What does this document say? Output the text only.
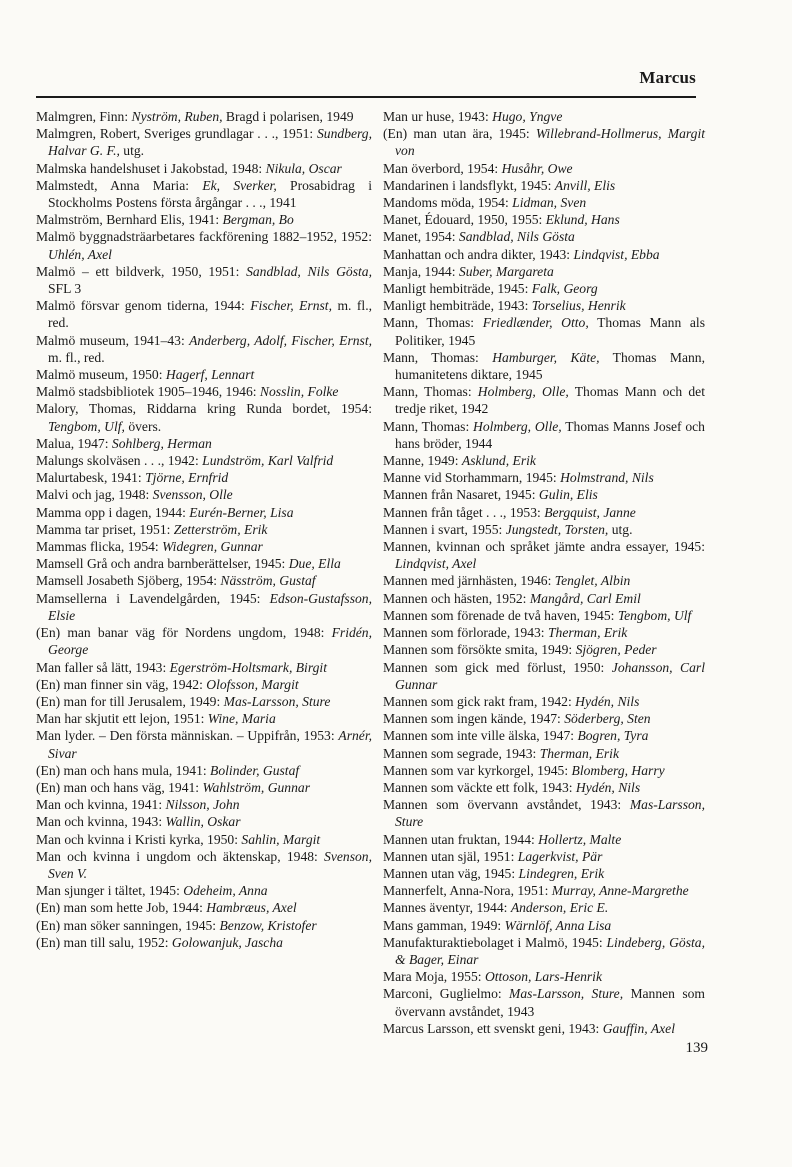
Marcus
Malmgren, Finn: Nyström, Ruben, Bragd i polarisen, 1949
Malmgren, Robert, Sveriges grundlagar . . ., 1951: Sundberg, Halvar G. F., utg.
Malmska handelshuset i Jakobstad, 1948: Nikula, Oscar
Malmstedt, Anna Maria: Ek, Sverker, Prosabidrag i Stockholms Postens första årgångar . . ., 1941
Malmström, Bernhard Elis, 1941: Bergman, Bo
Malmö byggnadsträarbetares fackförening 1882–1952, 1952: Uhlén, Axel
Malmö – ett bildverk, 1950, 1951: Sandblad, Nils Gösta, SFL 3
Malmö försvar genom tiderna, 1944: Fischer, Ernst, m. fl., red.
Malmö museum, 1941–43: Anderberg, Adolf, Fischer, Ernst, m. fl., red.
Malmö museum, 1950: Hagerf, Lennart
Malmö stadsbibliotek 1905–1946, 1946: Nosslin, Folke
Malory, Thomas, Riddarna kring Runda bordet, 1954: Tengbom, Ulf, övers.
Malua, 1947: Sohlberg, Herman
Malungs skolväsen . . ., 1942: Lundström, Karl Valfrid
Malurtabesk, 1941: Tjörne, Ernfrid
Malvi och jag, 1948: Svensson, Olle
Mamma opp i dagen, 1944: Eurén-Berner, Lisa
Mamma tar priset, 1951: Zetterström, Erik
Mammas flicka, 1954: Widegren, Gunnar
Mamsell Grå och andra barnberättelser, 1945: Due, Ella
Mamsell Josabeth Sjöberg, 1954: Näsström, Gustaf
Mamsellerna i Lavendelgården, 1945: Edson-Gustafsson, Elsie
(En) man banar väg för Nordens ungdom, 1948: Fridén, George
Man faller så lätt, 1943: Egerström-Holtsmark, Birgit
(En) man finner sin väg, 1942: Olofsson, Margit
(En) man for till Jerusalem, 1949: Mas-Larsson, Sture
Man har skjutit ett lejon, 1951: Wine, Maria
Man lyder. – Den första människan. – Uppifrån, 1953: Arnér, Sivar
(En) man och hans mula, 1941: Bolinder, Gustaf
(En) man och hans väg, 1941: Wahlström, Gunnar
Man och kvinna, 1941: Nilsson, John
Man och kvinna, 1943: Wallin, Oskar
Man och kvinna i Kristi kyrka, 1950: Sahlin, Margit
Man och kvinna i ungdom och äktenskap, 1948: Svenson, Sven V.
Man sjunger i tältet, 1945: Odeheim, Anna
(En) man som hette Job, 1944: Hambræus, Axel
(En) man söker sanningen, 1945: Benzow, Kristofer
(En) man till salu, 1952: Golowanjuk, Jascha
Man ur huse, 1943: Hugo, Yngve
(En) man utan ära, 1945: Willebrand-Hollmerus, Margit von
Man överbord, 1954: Husåhr, Owe
Mandarinen i landsflykt, 1945: Anvill, Elis
Mandoms möda, 1954: Lidman, Sven
Manet, Édouard, 1950, 1955: Eklund, Hans
Manet, 1954: Sandblad, Nils Gösta
Manhattan och andra dikter, 1943: Lindqvist, Ebba
Manja, 1944: Suber, Margareta
Manligt hembiträde, 1945: Falk, Georg
Manligt hembiträde, 1943: Torselius, Henrik
Mann, Thomas: Friedlænder, Otto, Thomas Mann als Politiker, 1945
Mann, Thomas: Hamburger, Käte, Thomas Mann, humanitetens diktare, 1945
Mann, Thomas: Holmberg, Olle, Thomas Mann och det tredje riket, 1942
Mann, Thomas: Holmberg, Olle, Thomas Manns Josef och hans bröder, 1944
Manne, 1949: Asklund, Erik
Manne vid Storhammarn, 1945: Holmstrand, Nils
Mannen från Nasaret, 1945: Gulin, Elis
Mannen från tåget . . ., 1953: Bergquist, Janne
Mannen i svart, 1955: Jungstedt, Torsten, utg.
Mannen, kvinnan och språket jämte andra essayer, 1945: Lindqvist, Axel
Mannen med järnhästen, 1946: Tenglet, Albin
Mannen och hästen, 1952: Mangård, Carl Emil
Mannen som förenade de två haven, 1945: Tengbom, Ulf
Mannen som förlorade, 1943: Therman, Erik
Mannen som försökte smita, 1949: Sjögren, Peder
Mannen som gick med förlust, 1950: Johansson, Carl Gunnar
Mannen som gick rakt fram, 1942: Hydén, Nils
Mannen som ingen kände, 1947: Söderberg, Sten
Mannen som inte ville älska, 1947: Bogren, Tyra
Mannen som segrade, 1943: Therman, Erik
Mannen som var kyrkorgel, 1945: Blomberg, Harry
Mannen som väckte ett folk, 1943: Hydén, Nils
Mannen som övervann avståndet, 1943: Mas-Larsson, Sture
Mannen utan fruktan, 1944: Hollertz, Malte
Mannen utan själ, 1951: Lagerkvist, Pär
Mannen utan väg, 1945: Lindegren, Erik
Mannerfelt, Anna-Nora, 1951: Murray, Anne-Margrethe
Mannes äventyr, 1944: Anderson, Eric E.
Mans gamman, 1949: Wärnlöf, Anna Lisa
Manufakturaktiebolaget i Malmö, 1945: Lindeberg, Gösta, & Bager, Einar
Mara Moja, 1955: Ottoson, Lars-Henrik
Marconi, Guglielmo: Mas-Larsson, Sture, Mannen som övervann avståndet, 1943
Marcus Larsson, ett svenskt geni, 1943: Gauffin, Axel
139
